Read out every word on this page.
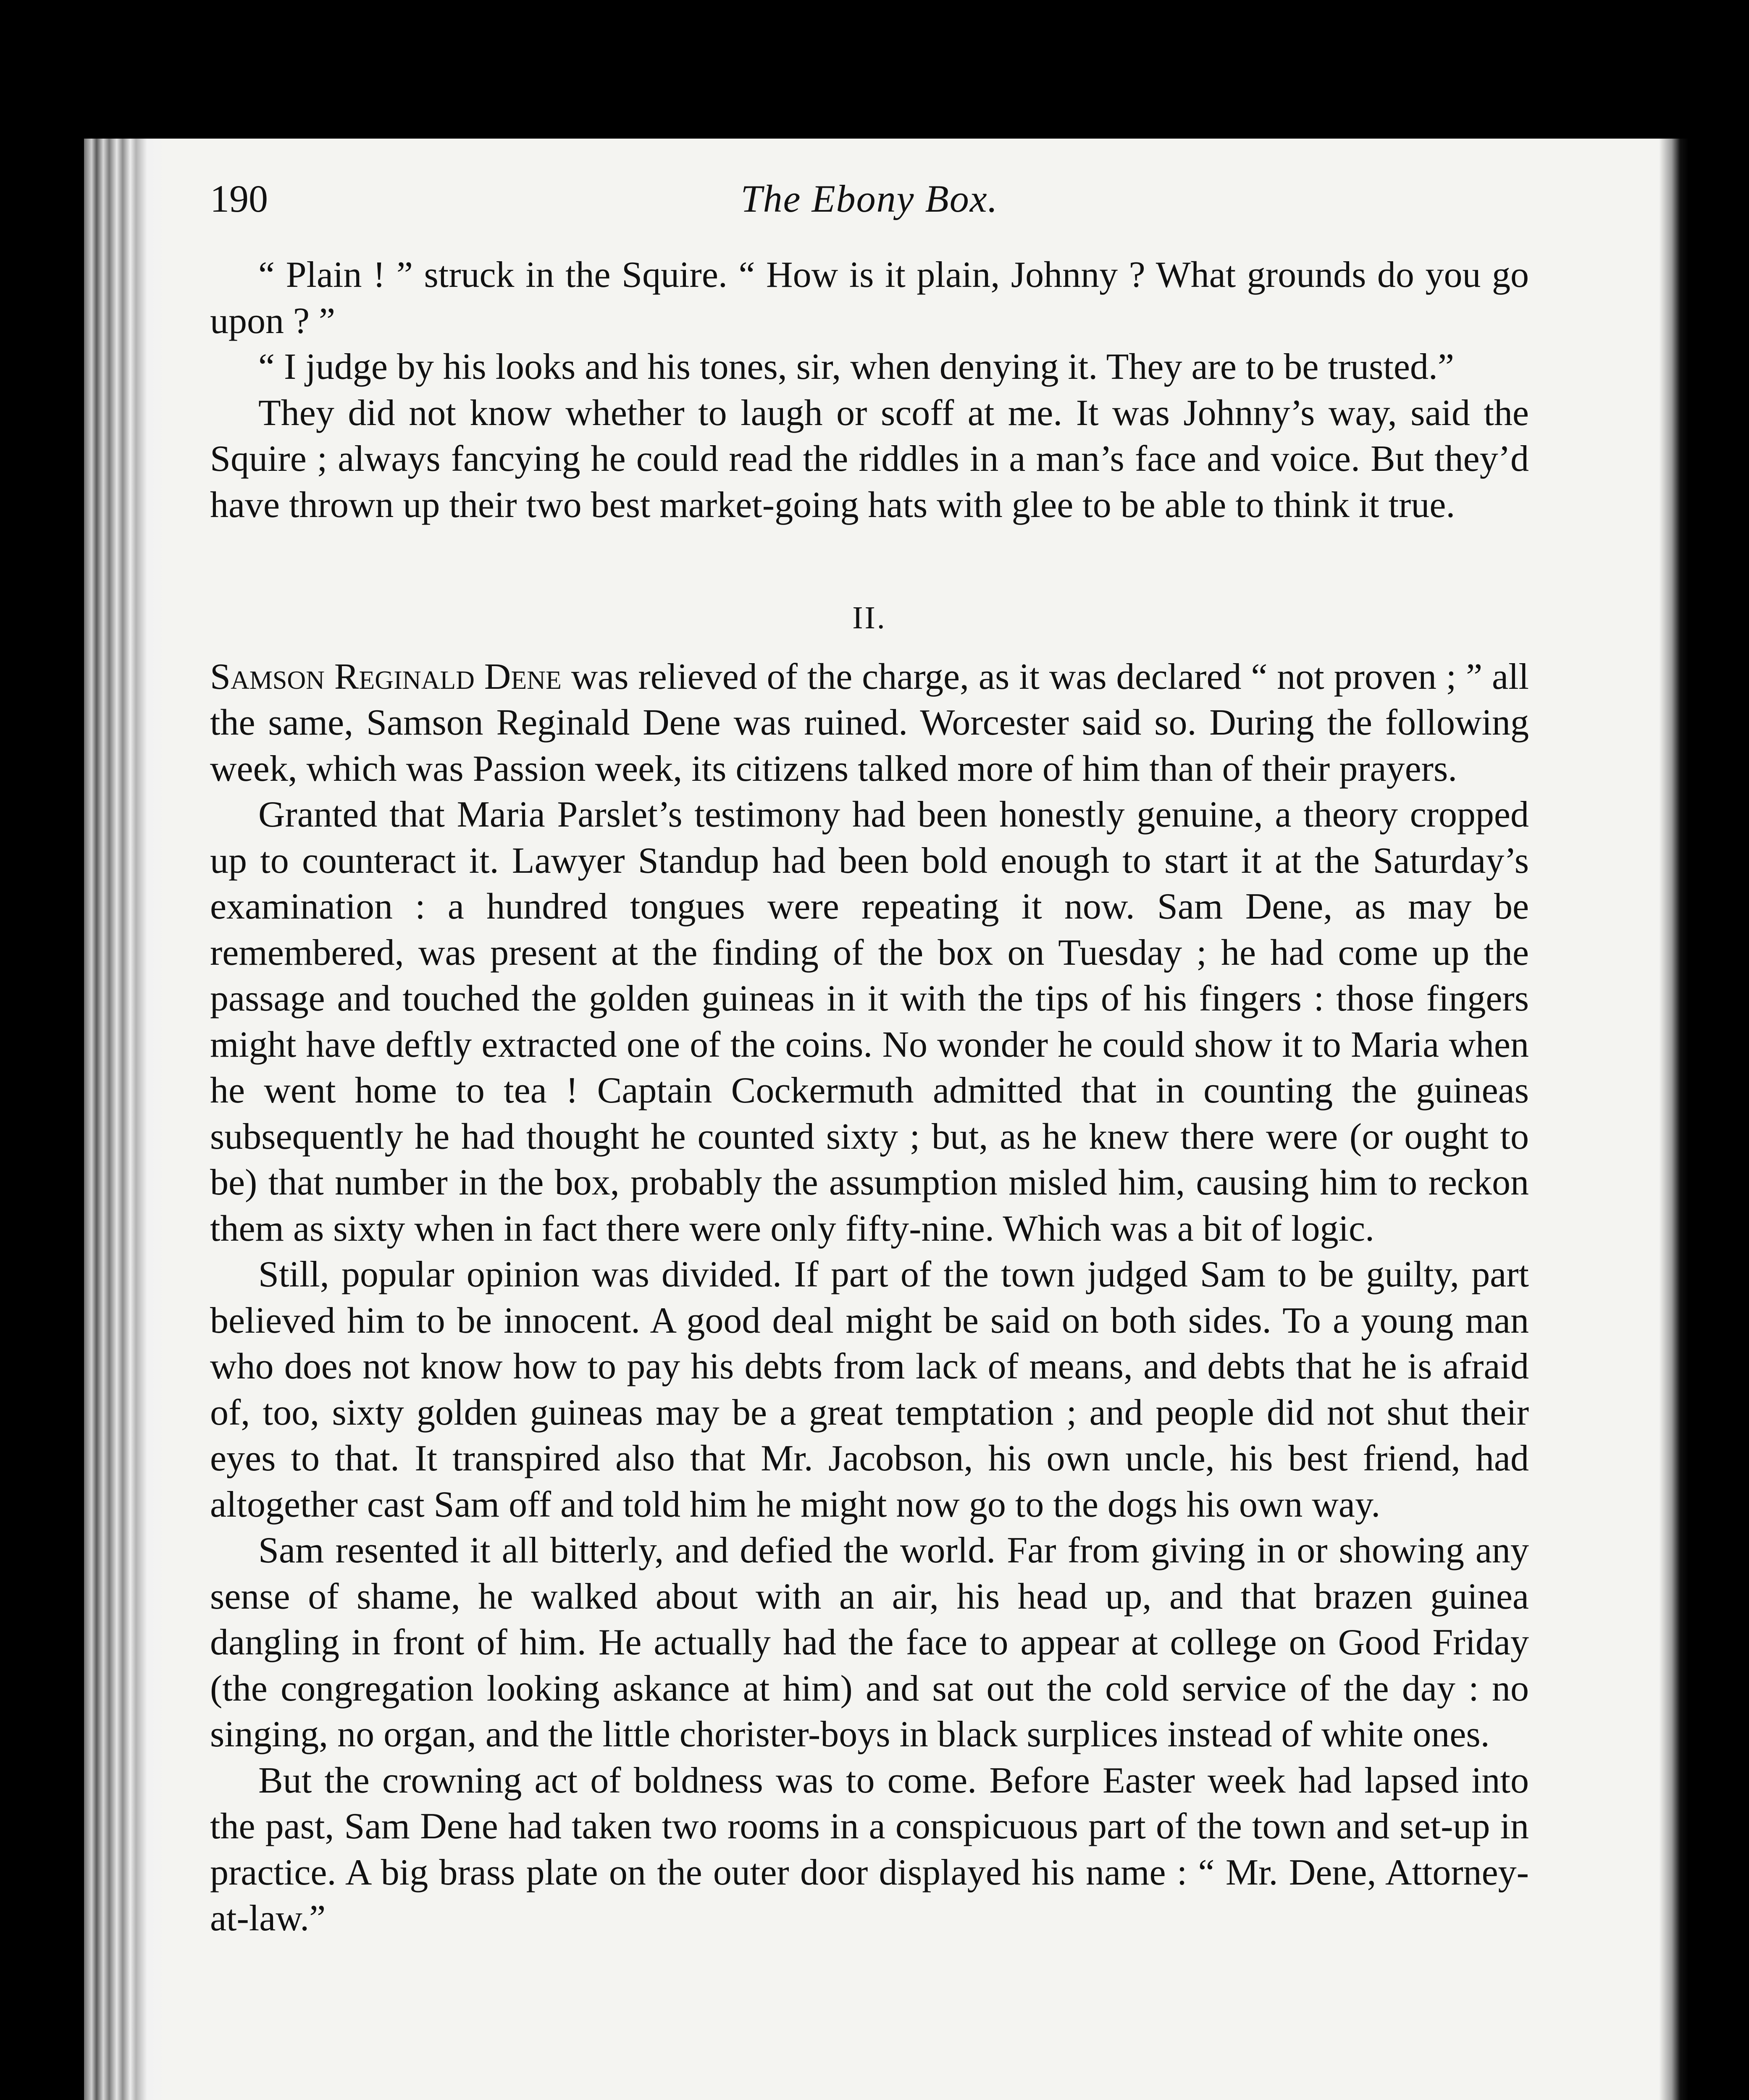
190	The Ebony Box.

“ Plain ! ” struck in the Squire. “ How is it plain, Johnny ? What grounds do you go upon ? ”

“ I judge by his looks and his tones, sir, when denying it. They are to be trusted.”

They did not know whether to laugh or scoff at me. It was Johnny’s way, said the Squire ; always fancying he could read the riddles in a man’s face and voice. But they’d have thrown up their two best market-going hats with glee to be able to think it true.

II.

Samson Reginald Dene was relieved of the charge, as it was declared “ not proven ; ” all the same, Samson Reginald Dene was ruined. Worcester said so. During the following week, which was Passion week, its citizens talked more of him than of their prayers.

Granted that Maria Parslet’s testimony had been honestly genuine, a theory cropped up to counteract it. Lawyer Standup had been bold enough to start it at the Saturday’s examination : a hundred tongues were repeating it now. Sam Dene, as may be remembered, was present at the finding of the box on Tuesday ; he had come up the passage and touched the golden guineas in it with the tips of his fingers : those fingers might have deftly extracted one of the coins. No wonder he could show it to Maria when he went home to tea ! Captain Cockermuth admitted that in counting the guineas subsequently he had thought he counted sixty ; but, as he knew there were (or ought to be) that number in the box, probably the assumption misled him, causing him to reckon them as sixty when in fact there were only fifty-nine. Which was a bit of logic.

Still, popular opinion was divided. If part of the town judged Sam to be guilty, part believed him to be innocent. A good deal might be said on both sides. To a young man who does not know how to pay his debts from lack of means, and debts that he is afraid of, too, sixty golden guineas may be a great temptation ; and people did not shut their eyes to that. It transpired also that Mr. Jacobson, his own uncle, his best friend, had altogether cast Sam off and told him he might now go to the dogs his own way.

Sam resented it all bitterly, and defied the world. Far from giving in or showing any sense of shame, he walked about with an air, his head up, and that brazen guinea dangling in front of him. He actually had the face to appear at college on Good Friday (the congregation looking askance at him) and sat out the cold service of the day : no singing, no organ, and the little chorister-boys in black surplices instead of white ones.

But the crowning act of boldness was to come. Before Easter week had lapsed into the past, Sam Dene had taken two rooms in a conspicuous part of the town and set-up in practice. A big brass plate on the outer door displayed his name : “ Mr. Dene, Attorney-at-law.”
